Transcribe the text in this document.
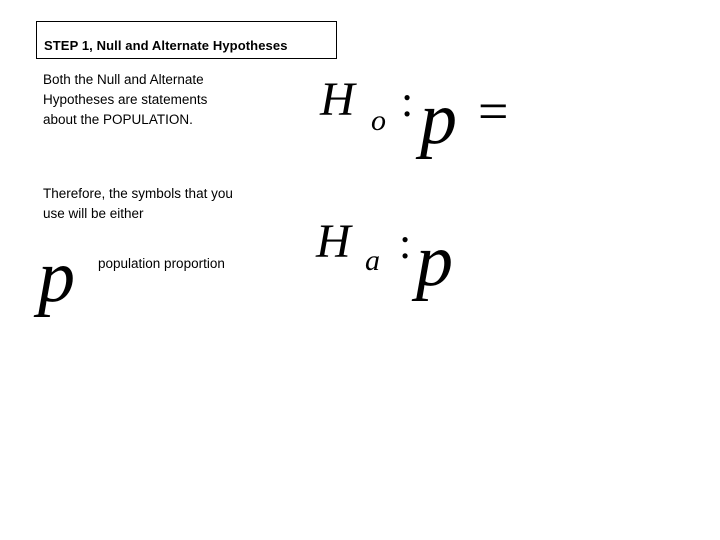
STEP 1, Null and Alternate Hypotheses
Both the Null and Alternate
Hypotheses are statements
about the POPULATION.
Therefore, the symbols that you
use will be either
population proportion
p
H o : p =
H a : p
